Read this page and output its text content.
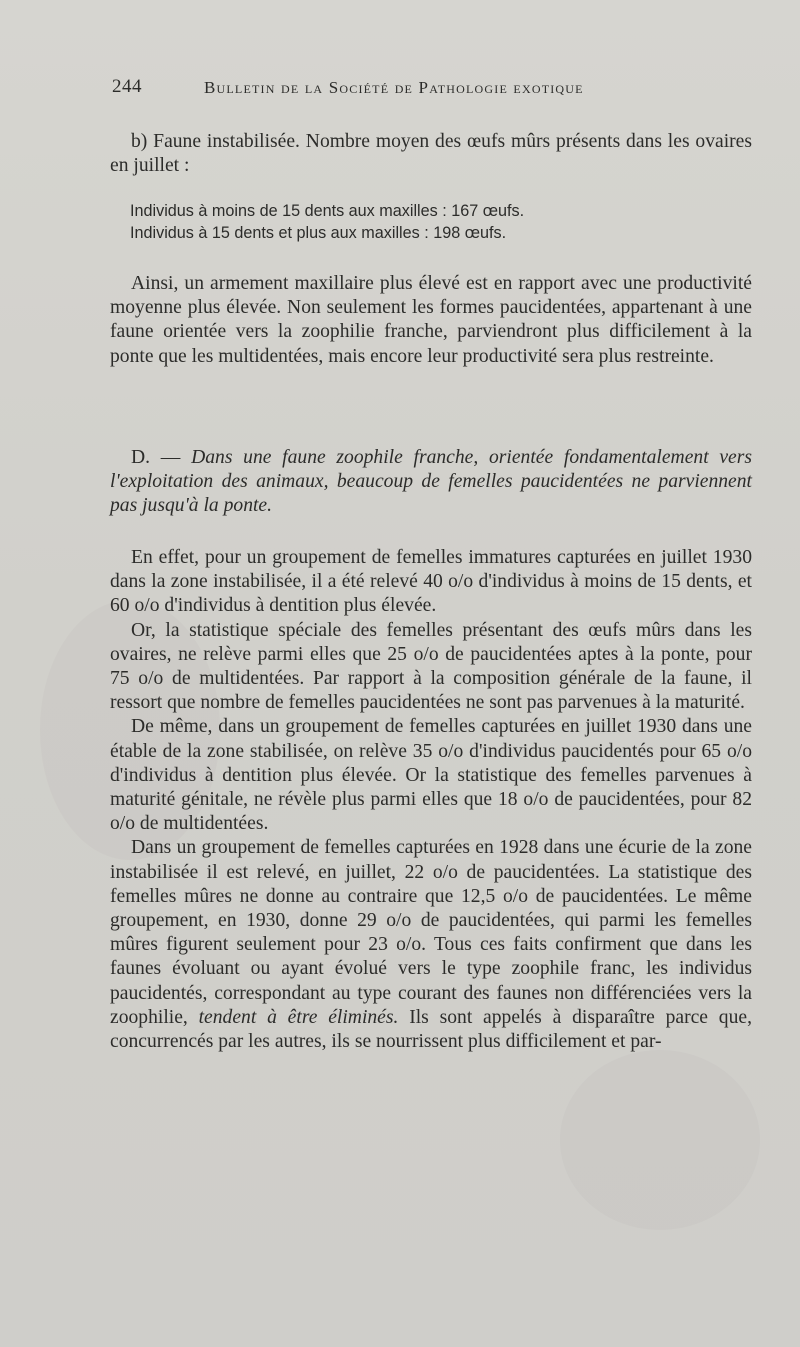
244	Bulletin de la Société de Pathologie exotique

b) Faune instabilisée. Nombre moyen des œufs mûrs présents dans les ovaires en juillet :

Individus à moins de 15 dents aux maxilles : 167 œufs.

Individus à 15 dents et plus aux maxilles : 198 œufs.

Ainsi, un armement maxillaire plus élevé est en rapport avec une productivité moyenne plus élevée. Non seulement les formes paucidentées, appartenant à une faune orientée vers la zoophilie franche, parviendront plus difficilement à la ponte que les multidentées, mais encore leur productivité sera plus restreinte.

D. — Dans une faune zoophile franche, orientée fondamentalement vers l'exploitation des animaux, beaucoup de femelles paucidentées ne parviennent pas jusqu'à la ponte.

En effet, pour un groupement de femelles immatures capturées en juillet 1930 dans la zone instabilisée, il a été relevé 40 o/o d'individus à moins de 15 dents, et 60 o/o d'individus à dentition plus élevée.

Or, la statistique spéciale des femelles présentant des œufs mûrs dans les ovaires, ne relève parmi elles que 25 o/o de paucidentées aptes à la ponte, pour 75 o/o de multidentées. Par rapport à la composition générale de la faune, il ressort que nombre de femelles paucidentées ne sont pas parvenues à la maturité.

De même, dans un groupement de femelles capturées en juillet 1930 dans une étable de la zone stabilisée, on relève 35 o/o d'individus paucidentés pour 65 o/o d'individus à dentition plus élevée. Or la statistique des femelles parvenues à maturité génitale, ne révèle plus parmi elles que 18 o/o de paucidentées, pour 82 o/o de multidentées.

Dans un groupement de femelles capturées en 1928 dans une écurie de la zone instabilisée il est relevé, en juillet, 22 o/o de paucidentées. La statistique des femelles mûres ne donne au contraire que 12,5 o/o de paucidentées. Le même groupement, en 1930, donne 29 o/o de paucidentées, qui parmi les femelles mûres figurent seulement pour 23 o/o. Tous ces faits confirment que dans les faunes évoluant ou ayant évolué vers le type zoophile franc, les individus paucidentés, correspondant au type courant des faunes non différenciées vers la zoophilie, tendent à être éliminés. Ils sont appelés à disparaître parce que, concurrencés par les autres, ils se nourrissent plus difficilement et par-
